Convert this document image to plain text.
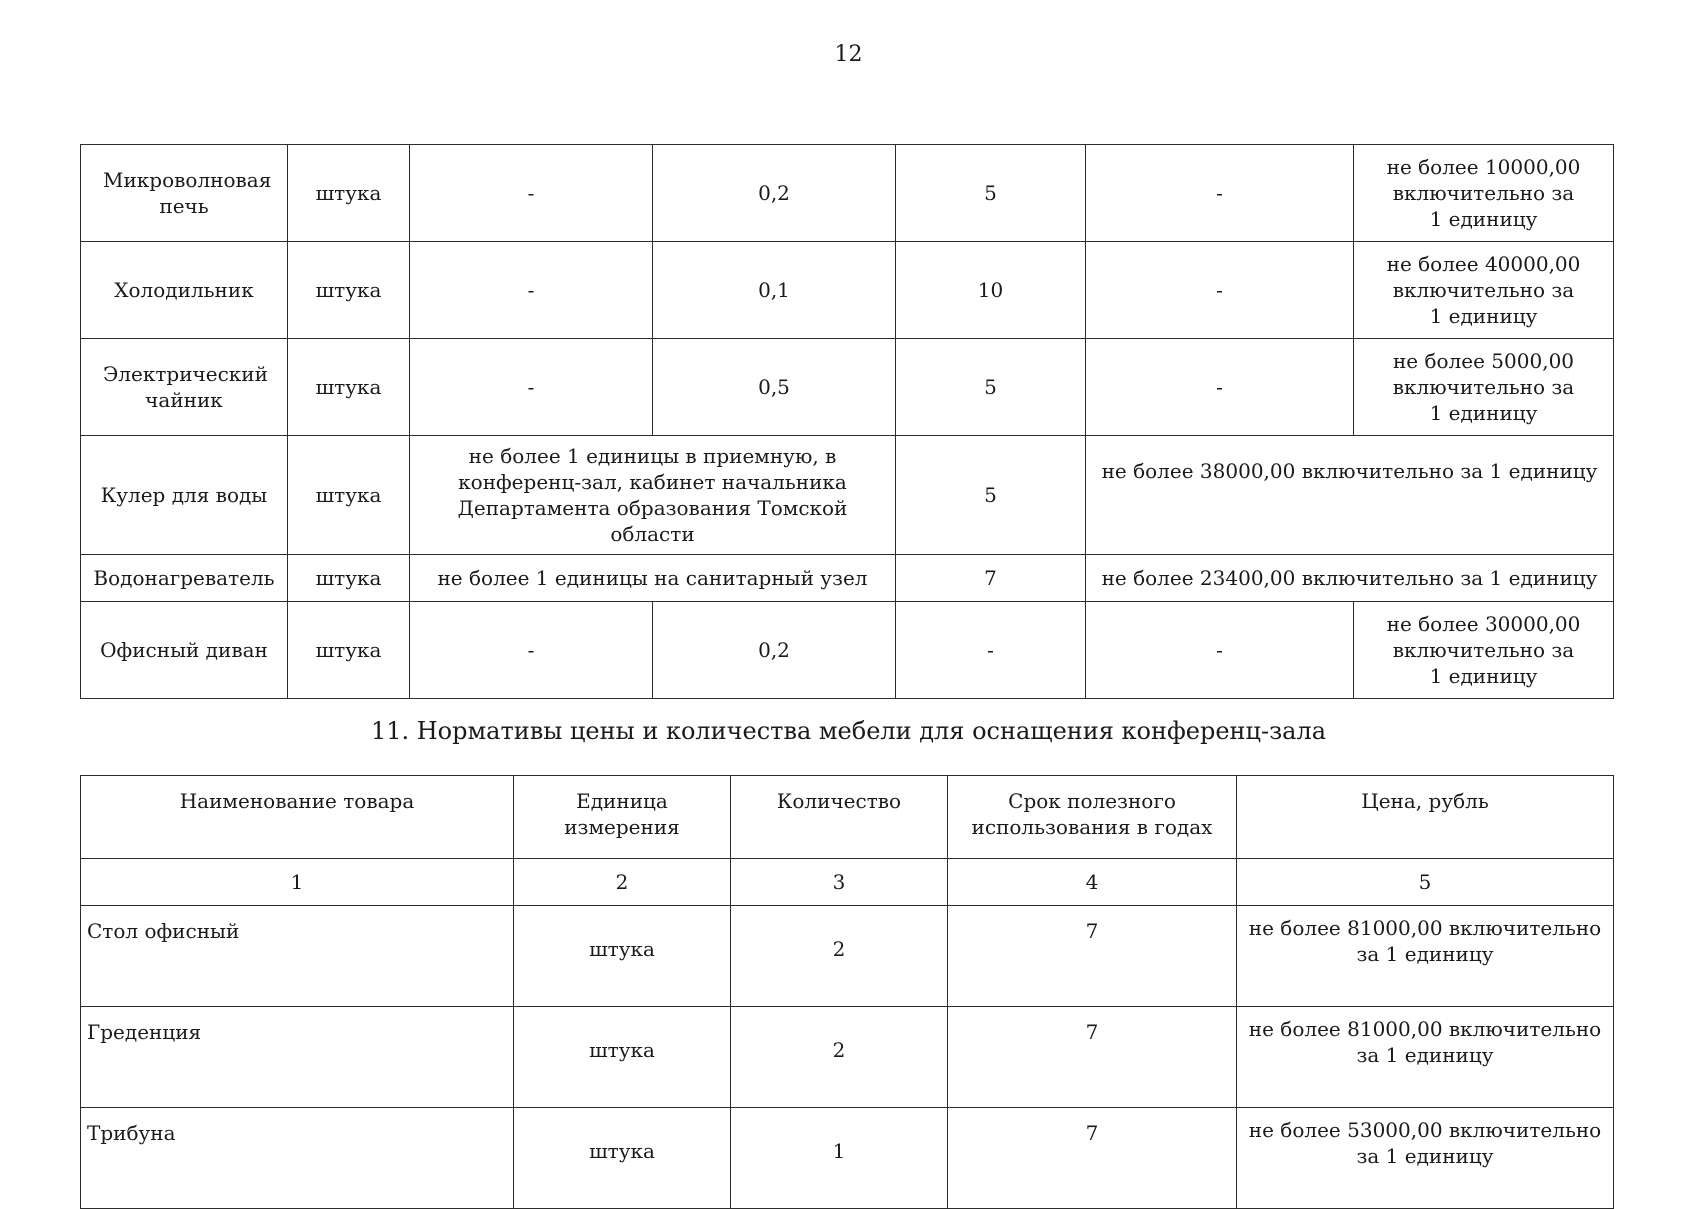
12
Микроволновая печь	штука	-	0,2	5	-	не более 10000,00 включительно за 1 единицу
Холодильник	штука	-	0,1	10	-	не более 40000,00 включительно за 1 единицу
Электрический чайник	штука	-	0,5	5	-	не более 5000,00 включительно за 1 единицу
Кулер для воды	штука	не более 1 единицы в приемную, в конференц-зал, кабинет начальника Департамента образования Томской области		5	не более 38000,00 включительно за 1 единицу	
Водонагреватель	штука	не более 1 единицы на санитарный узел		7	не более 23400,00 включительно за 1 единицу	
Офисный диван	штука	-	0,2	-	-	не более 30000,00 включительно за 1 единицу
11. Нормативы цены и количества мебели для оснащения конференц-зала
Наименование товара	Единица измерения	Количество	Срок полезного использования в годах	Цена, рубль
1	2	3	4	5
Стол офисный	штука	2	7	не более 81000,00 включительно за 1 единицу
Греденция	штука	2	7	не более 81000,00 включительно за 1 единицу
Трибуна	штука	1	7	не более 53000,00 включительно за 1 единицу
